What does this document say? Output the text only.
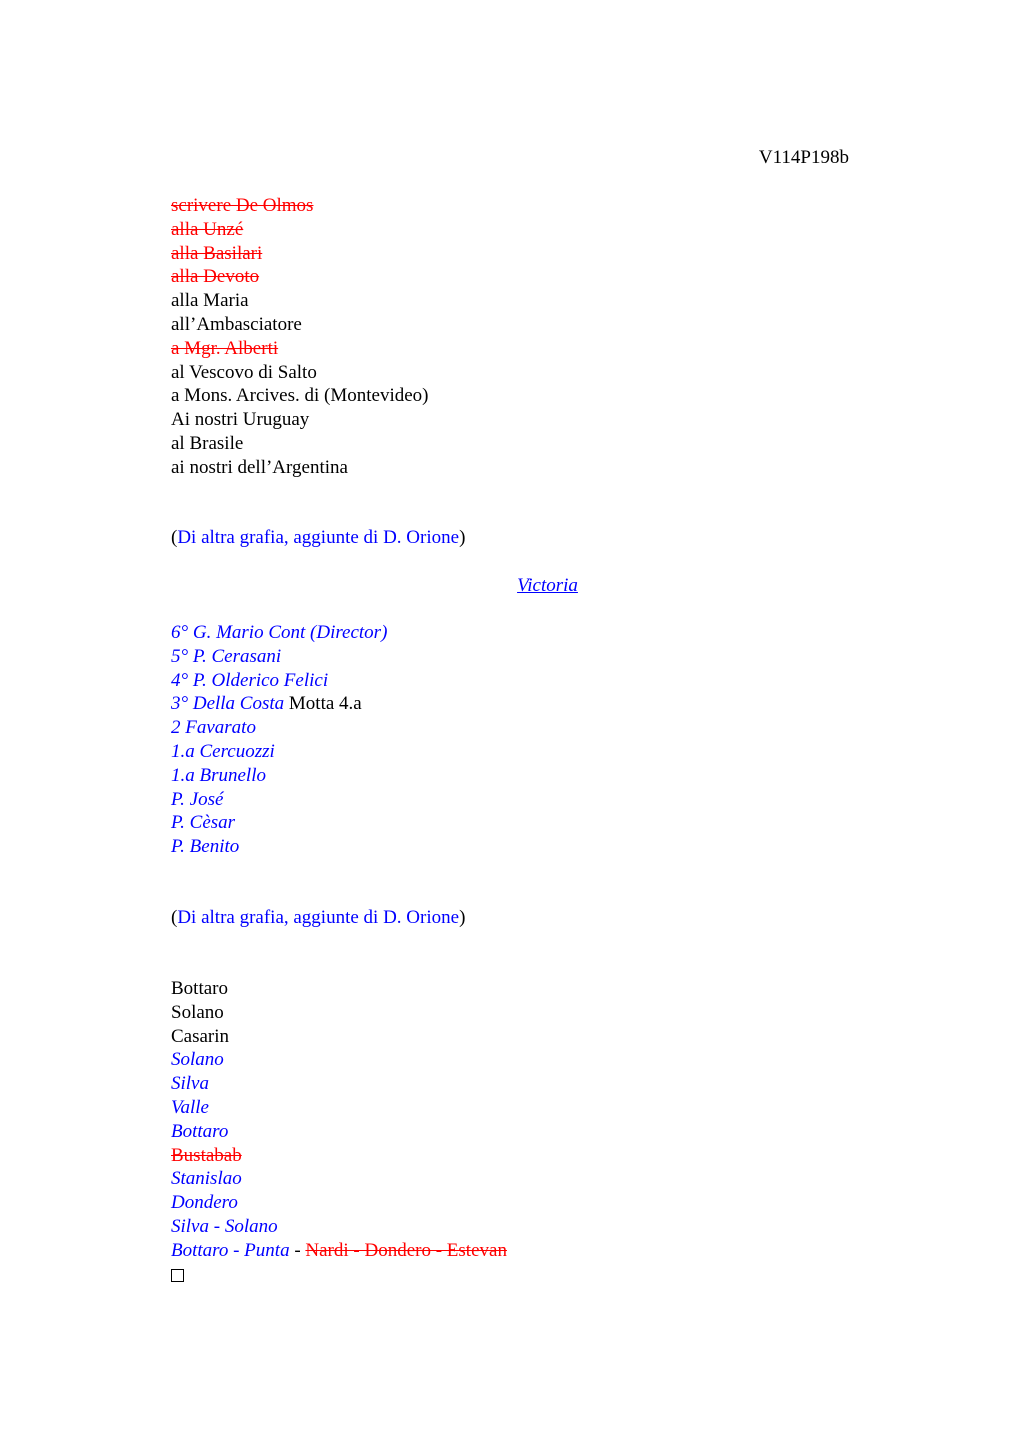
V114P198b
scrivere De Olmos
alla Unzé
alla Basilari
alla Devoto
alla Maria
all’Ambasciatore
a Mgr. Alberti
al Vescovo di Salto
a Mons. Arcives. di (Montevideo)
Ai nostri Uruguay
al Brasile
ai nostri dell’Argentina
(Di altra grafia, aggiunte di D. Orione)
Victoria
6° G. Mario Cont (Director)
5° P. Cerasani
4° P. Olderico Felici
3° Della Costa Motta 4.a
2 Favarato
1.a Cercuozzi
1.a Brunello
P. José
P. Cèsar
P. Benito
(Di altra grafia, aggiunte di D. Orione)
Bottaro
Solano
Casarin
Solano
Silva
Valle
Bottaro
Bustabab
Stanislao
Dondero
Silva - Solano
Bottaro - Punta - Nardi - Dondero - Estevan
